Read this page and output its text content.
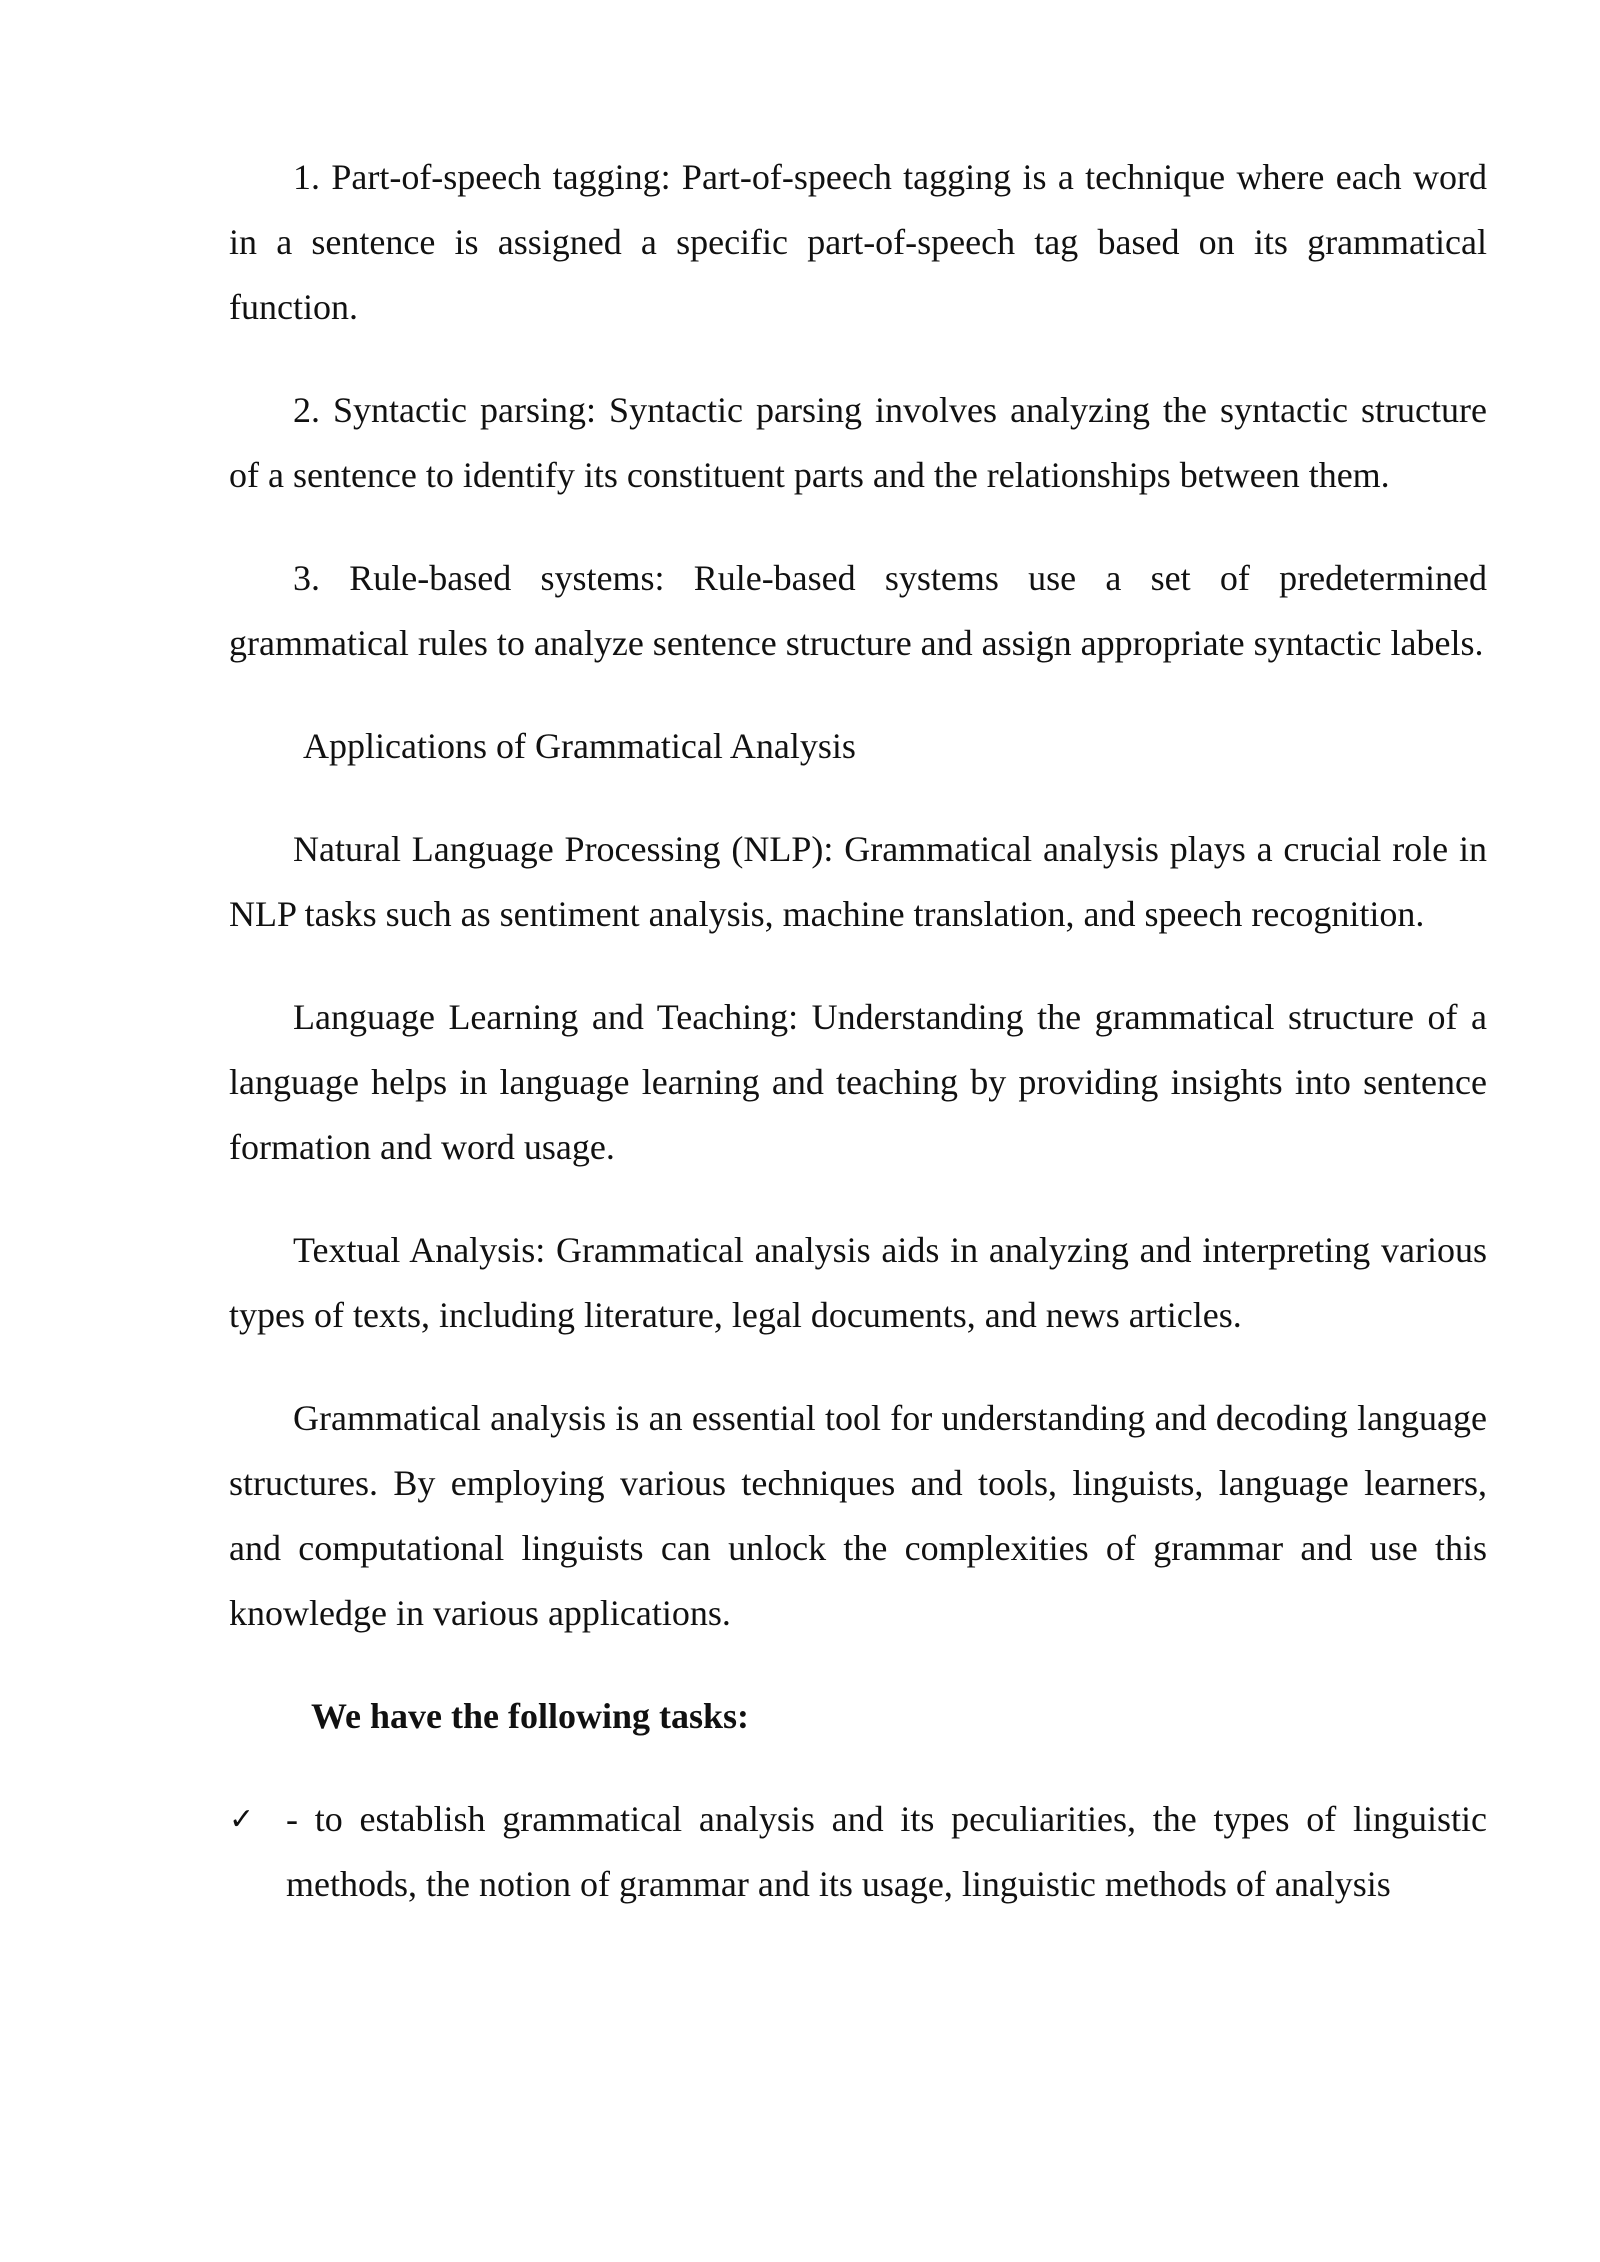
1. Part-of-speech tagging: Part-of-speech tagging is a technique where each word in a sentence is assigned a specific part-of-speech tag based on its grammatical function.

2. Syntactic parsing: Syntactic parsing involves analyzing the syntactic structure of a sentence to identify its constituent parts and the relationships between them.

3. Rule-based systems: Rule-based systems use a set of predetermined grammatical rules to analyze sentence structure and assign appropriate syntactic labels.

Applications of Grammatical Analysis

Natural Language Processing (NLP): Grammatical analysis plays a crucial role in NLP tasks such as sentiment analysis, machine translation, and speech recognition.

Language Learning and Teaching: Understanding the grammatical structure of a language helps in language learning and teaching by providing insights into sentence formation and word usage.

Textual Analysis: Grammatical analysis aids in analyzing and interpreting various types of texts, including literature, legal documents, and news articles.

Grammatical analysis is an essential tool for understanding and decoding language structures. By employing various techniques and tools, linguists, language learners, and computational linguists can unlock the complexities of grammar and use this knowledge in various applications.

We have the following tasks:

✓ - to establish grammatical analysis and its peculiarities, the types of linguistic methods, the notion of grammar and its usage, linguistic methods of analysis
